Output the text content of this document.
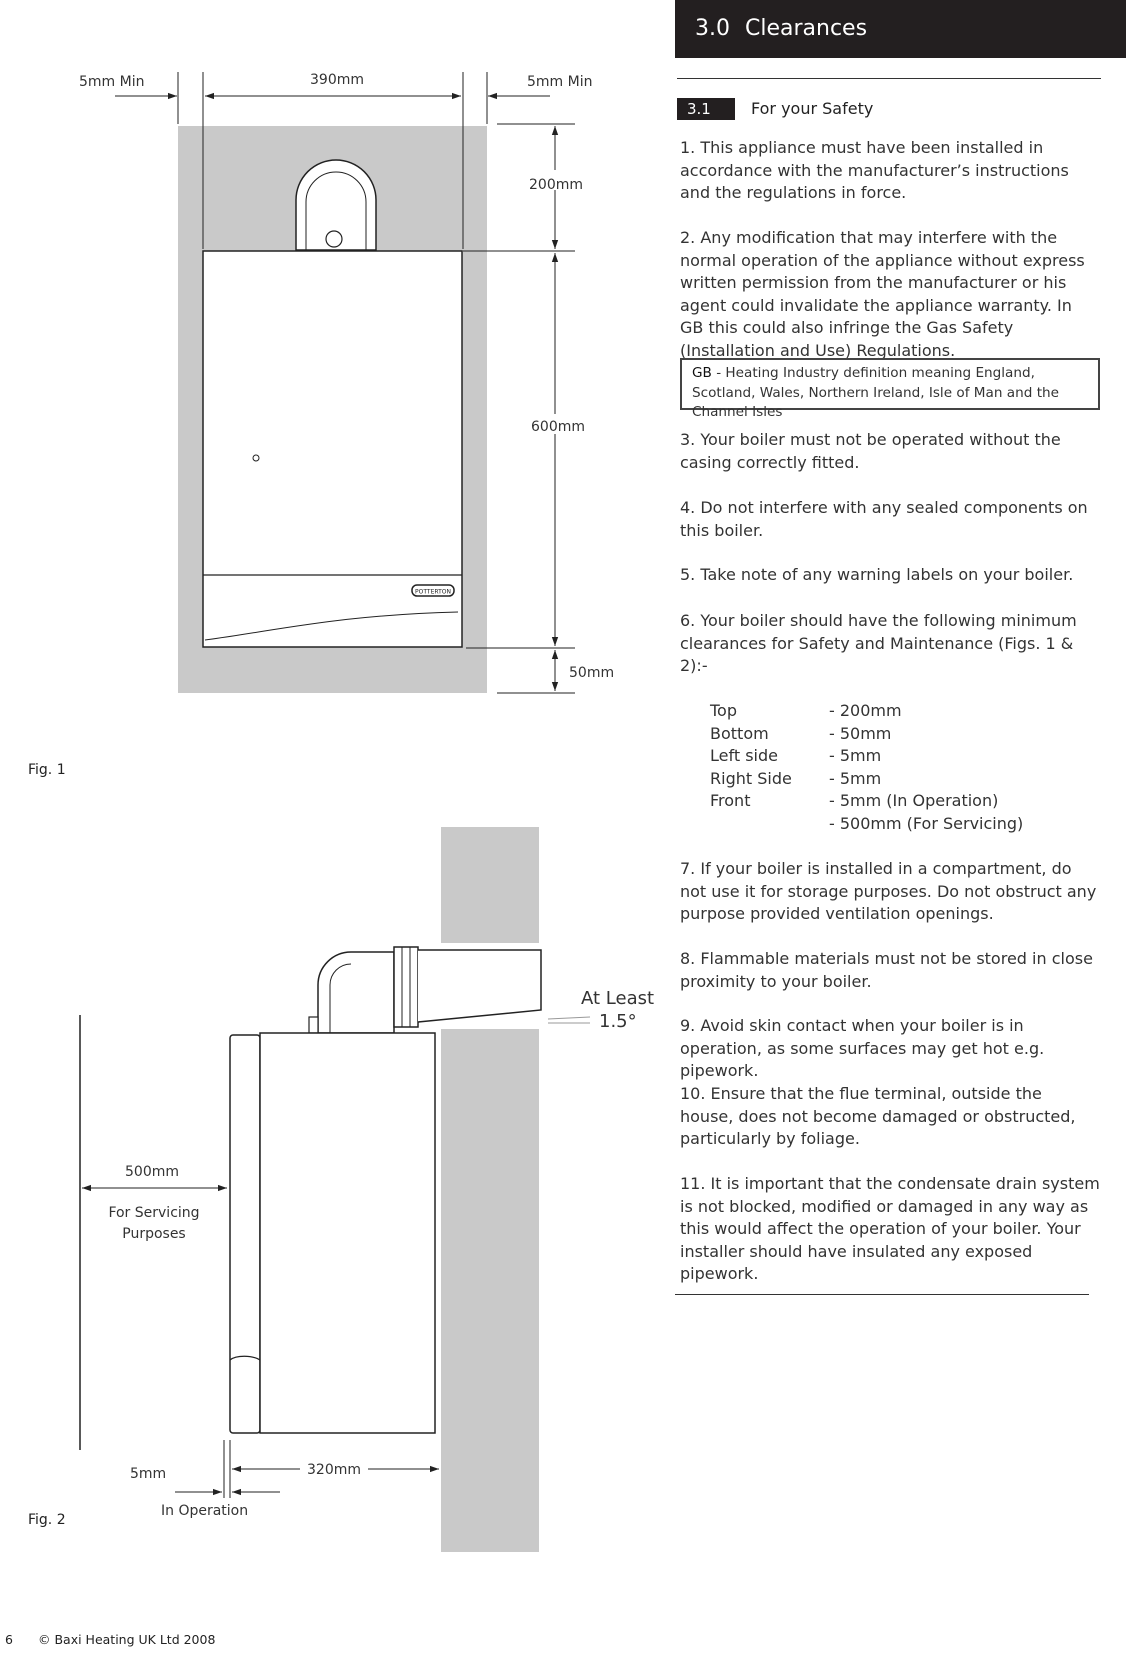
3.0 Clearances
3.1	For your Safety
1. This appliance must have been installed in accordance with the manufacturer’s instructions and the regulations in force.
2. Any modification that may interfere with the normal operation of the appliance without express written permission from the manufacturer or his agent could invalidate the appliance warranty. In GB this could also infringe the Gas Safety (Installation and Use) Regulations.
3. Your boiler must not be operated without the casing correctly fitted.
4. Do not interfere with any sealed components on this boiler.
5. Take note of any warning labels on your boiler.
6. Your boiler should have the following minimum clearances for Safety and Maintenance (Figs. 1 & 2):-
Top	- 200mm
Bottom	- 50mm
Left side	- 5mm
Right Side - 5mm
Front	- 5mm (In Operation)
- 500mm (For Servicing)
7. If your boiler is installed in a compartment, do not use it for storage purposes. Do not obstruct any purpose provided ventilation openings.
8. Flammable materials must not be stored in close proximity to your boiler.
9. Avoid skin contact when your boiler is in operation, as some surfaces may get hot e.g. pipework.
10. Ensure that the flue terminal, outside the house, does not become damaged or obstructed, particularly by foliage.
11. It is important that the condensate drain system is not blocked, modified or damaged in any way as this would affect the operation of your boiler. Your installer should have insulated any exposed pipework.
GB - Heating Industry definition meaning England, Scotland, Wales, Northern Ireland, Isle of Man and the Channel Isles
POTTERTON
5mm Min	390mm	5mm Min
200mm
600mm
50mm
Fig. 1
At Least
1.5°
500mm
For Servicing
Purposes
320mm
5mm
In Operation
Fig. 2
6 © Baxi Heating UK Ltd 2008
